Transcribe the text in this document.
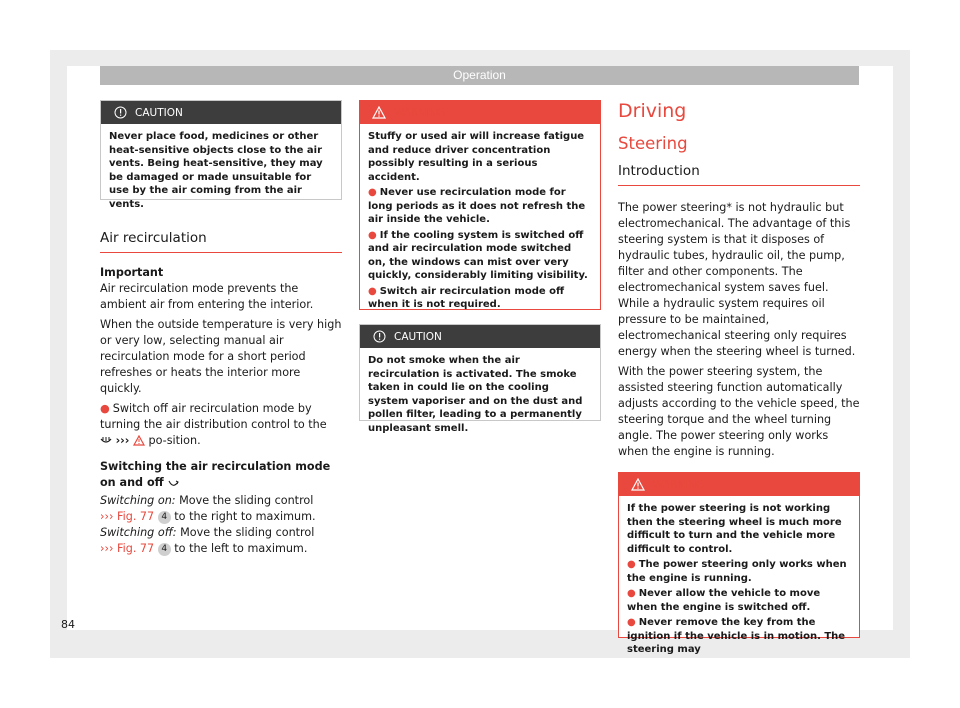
Operation
CAUTION
Never place food, medicines or other heat-sensitive objects close to the air vents. Being heat-sensitive, they may be damaged or made unsuitable for use by the air coming from the air vents.
Air recirculation

Important

Air recirculation mode prevents the ambient air from entering the interior.

When the outside temperature is very high or very low, selecting manual air recirculation mode for a short period refreshes or heats the interior more quickly.

● Switch off air recirculation mode by turning the air distribution control to the  ››› po-sition.

Switching the air recirculation mode on and off

Switching on: Move the sliding control
››› Fig. 77 4 to the right to maximum.

Switching off: Move the sliding control
››› Fig. 77 4 to the left to maximum.

WARNING

Stuffy or used air will increase fatigue and reduce driver concentration possibly resulting in a serious accident.

● Never use recirculation mode for long periods as it does not refresh the air inside the vehicle.

● If the cooling system is switched off and air recirculation mode switched on, the windows can mist over very quickly, considerably limiting visibility.

● Switch air recirculation mode off when it is not required.

CAUTION
Do not smoke when the air recirculation is activated. The smoke taken in could lie on the cooling system vaporiser and on the dust and pollen filter, leading to a permanently unpleasant smell.
Driving
Steering
Introduction

The power steering* is not hydraulic but electromechanical. The advantage of this steering system is that it disposes of hydraulic tubes, hydraulic oil, the pump, filter and other components. The electromechanical system saves fuel. While a hydraulic system requires oil pressure to be maintained, electromechanical steering only requires energy when the steering wheel is turned.

With the power steering system, the assisted steering function automatically adjusts according to the vehicle speed, the steering torque and the wheel turning angle. The power steering only works when the engine is running.

WARNING

If the power steering is not working then the steering wheel is much more difficult to turn and the vehicle more difficult to control.

● The power steering only works when the engine is running.

● Never allow the vehicle to move when the engine is switched off.

● Never remove the key from the ignition if the vehicle is in motion. The steering may

84
